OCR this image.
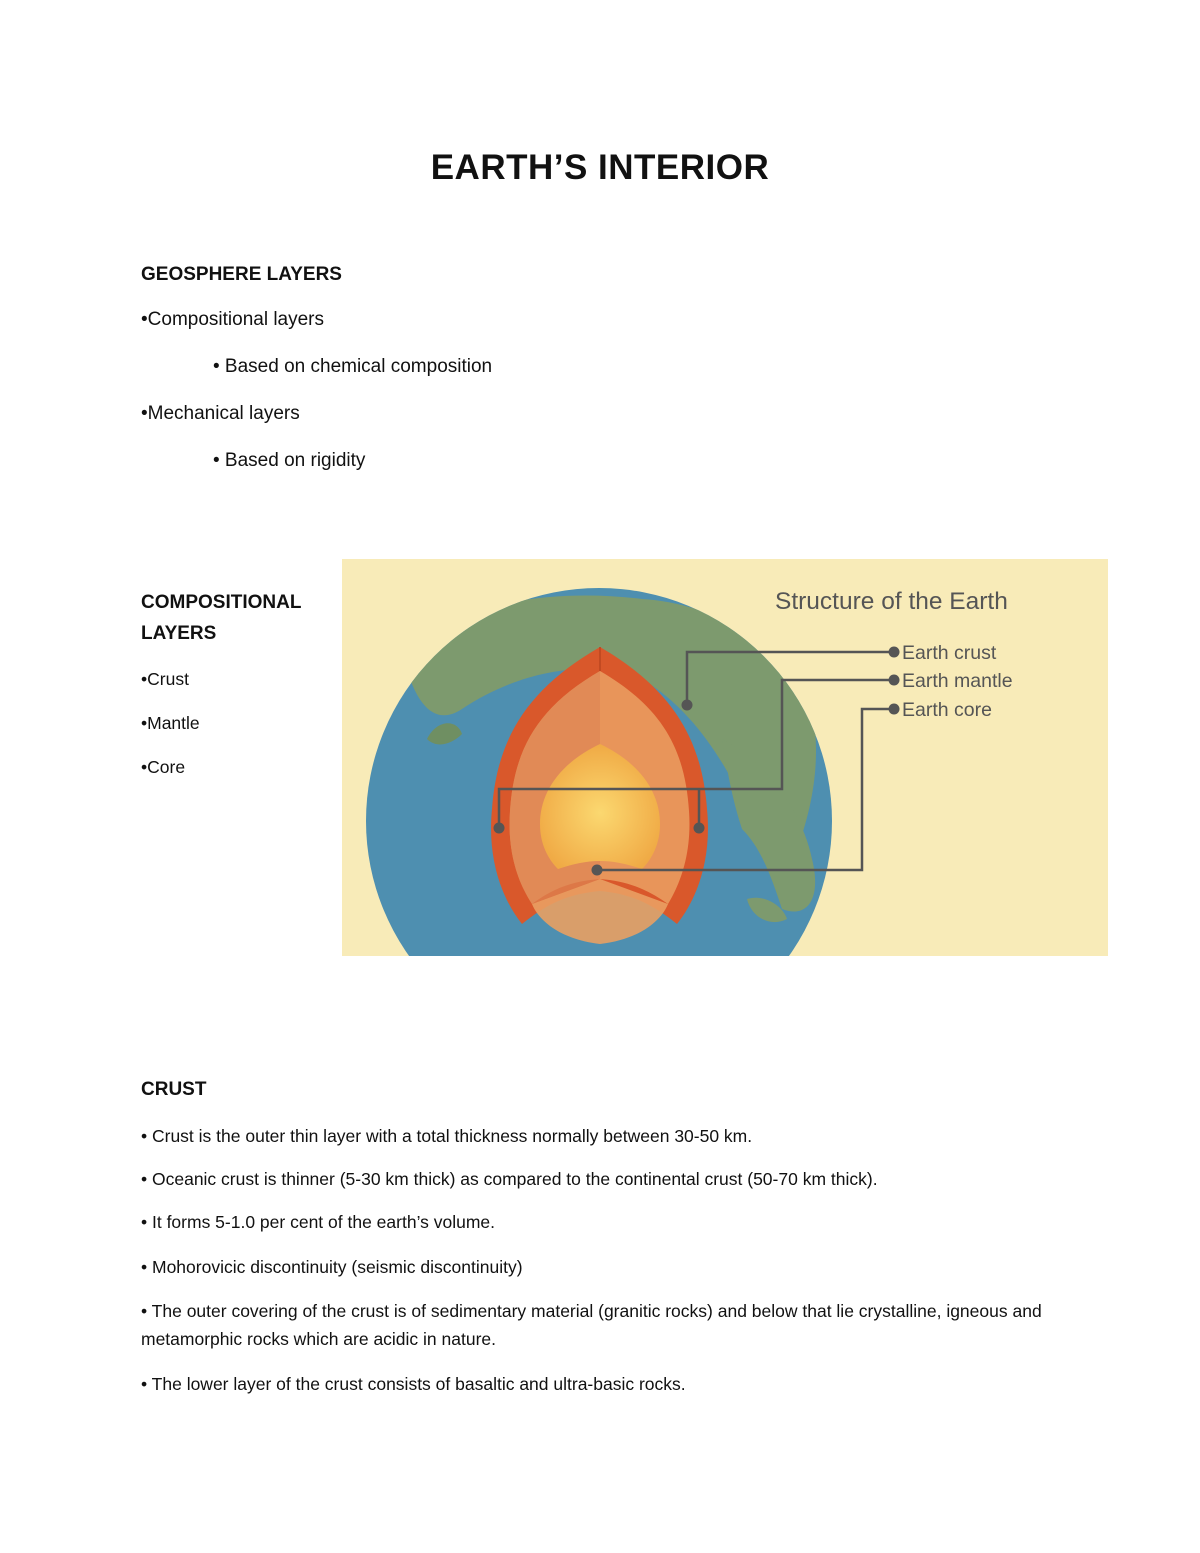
EARTH’S INTERIOR

GEOSPHERE LAYERS

•Compositional layers

• Based on chemical composition

•Mechanical layers

• Based on rigidity

COMPOSITIONAL LAYERS

•Crust

•Mantle

•Core

Structure of the Earth
Earth crust
Earth mantle
Earth core

CRUST

• Crust is the outer thin layer with a total thickness normally between 30-50 km.

• Oceanic crust is thinner (5-30 km thick) as compared to the continental crust (50-70 km thick).

• It forms 5-1.0 per cent of the earth’s volume.

• Mohorovicic discontinuity (seismic discontinuity)

• The outer covering of the crust is of sedimentary material (granitic rocks) and below that lie crystalline, igneous and metamorphic rocks which are acidic in nature.

• The lower layer of the crust consists of basaltic and ultra-basic rocks.
